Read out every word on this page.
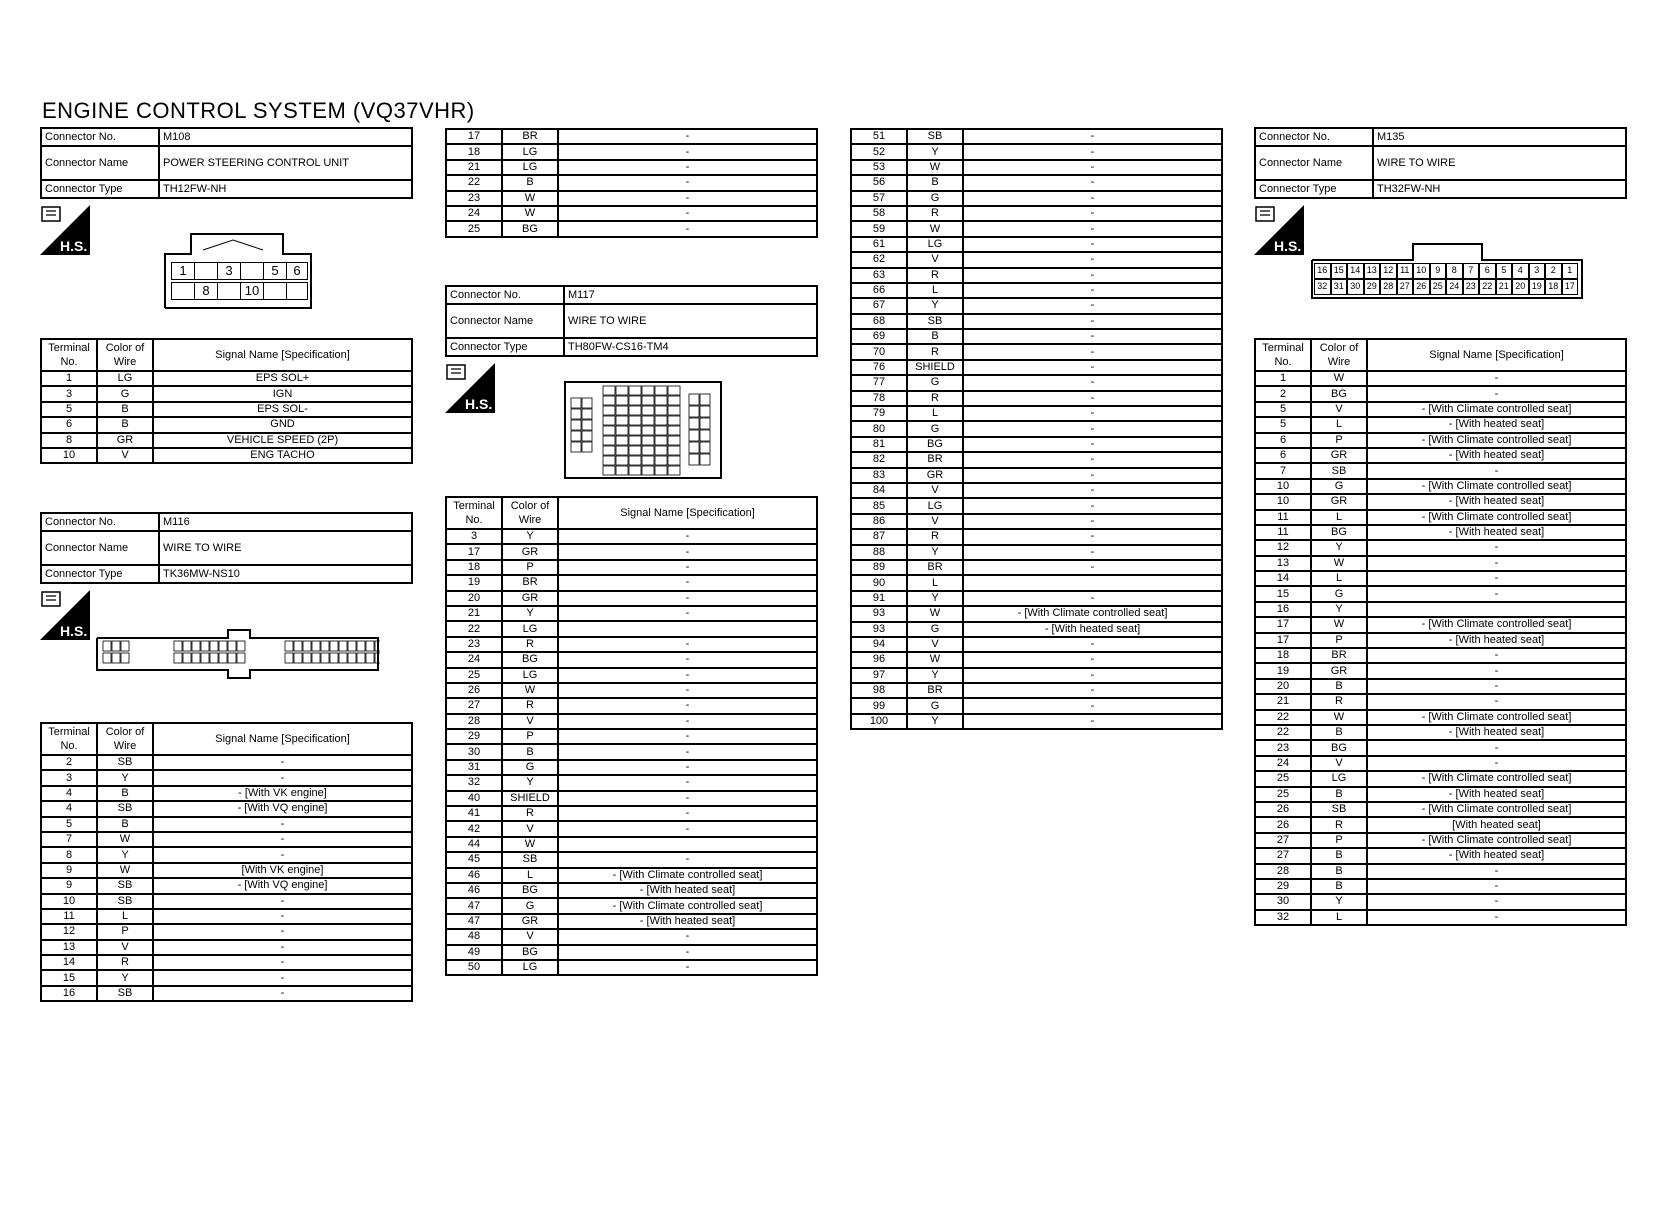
ENGINE CONTROL SYSTEM (VQ37VHR)
Connector No.	M108
Connector Name	POWER STEERING CONTROL UNIT
Connector Type	TH12FW-NH
H.S.
1	3	5	6
8	10
Terminal No.	Color of Wire	Signal Name [Specification]
1	LG	EPS SOL+
3	G	IGN
5	B	EPS SOL-
6	B	GND
8	GR	VEHICLE SPEED (2P)
10	V	ENG TACHO
Connector No.	M116
Connector Name	WIRE TO WIRE
Connector Type	TK36MW-NS10
H.S.
Terminal No.	Color of Wire	Signal Name [Specification]
2	SB	-
3	Y	-
4	B	- [With VK engine]
4	SB	- [With VQ engine]
5	B	-
7	W	-
8	Y	-
9	W	[With VK engine]
9	SB	- [With VQ engine]
10	SB	-
11	L	-
12	P	-
13	V	-
14	R	-
15	Y	-
16	SB	-
17	BR	-
18	LG	-
21	LG	-
22	B	-
23	W	-
24	W	-
25	BG	-
Connector No.	M117
Connector Name	WIRE TO WIRE
Connector Type	TH80FW-CS16-TM4
H.S.
Terminal No.	Color of Wire	Signal Name [Specification]
3	Y	-
17	GR	-
18	P	-
19	BR	-
20	GR	-
21	Y	-
22	LG	
23	R	-
24	BG	-
25	LG	-
26	W	-
27	R	-
28	V	-
29	P	-
30	B	-
31	G	-
32	Y	-
40	SHIELD	-
41	R	-
42	V	-
44	W	
45	SB	-
46	L	- [With Climate controlled seat]
46	BG	- [With heated seat]
47	G	- [With Climate controlled seat]
47	GR	- [With heated seat]
48	V	-
49	BG	-
50	LG	-
51	SB	-
52	Y	-
53	W	-
56	B	-
57	G	-
58	R	-
59	W	-
61	LG	-
62	V	-
63	R	-
66	L	-
67	Y	-
68	SB	-
69	B	-
70	R	-
76	SHIELD	-
77	G	-
78	R	-
79	L	-
80	G	-
81	BG	-
82	BR	-
83	GR	-
84	V	-
85	LG	-
86	V	-
87	R	-
88	Y	-
89	BR	-
90	L	
91	Y	-
93	W	- [With Climate controlled seat]
93	G	- [With heated seat]
94	V	-
96	W	-
97	Y	-
98	BR	-
99	G	-
100	Y	-
Connector No.	M135
Connector Name	WIRE TO WIRE
Connector Type	TH32FW-NH
H.S.
16 15 14 13 12 11 10 9	8	7	6	5	4	3	2	1
32 31 30 29 28 27 26 25 24 23 22 21 20 19 18 17
Terminal No.	Color of Wire	Signal Name [Specification]
1	W	-
2	BG	-
5	V	- [With Climate controlled seat]
5	L	- [With heated seat]
6	P	- [With Climate controlled seat]
6	GR	- [With heated seat]
7	SB	-
10	G	- [With Climate controlled seat]
10	GR	- [With heated seat]
11	L	- [With Climate controlled seat]
11	BG	- [With heated seat]
12	Y	-
13	W	-
14	L	-
15	G	-
16	Y	
17	W	- [With Climate controlled seat]
17	P	- [With heated seat]
18	BR	-
19	GR	-
20	B	-
21	R	-
22	W	- [With Climate controlled seat]
22	B	- [With heated seat]
23	BG	-
24	V	-
25	LG	- [With Climate controlled seat]
25	B	- [With heated seat]
26	SB	- [With Climate controlled seat]
26	R	[With heated seat]
27	P	- [With Climate controlled seat]
27	B	- [With heated seat]
28	B	-
29	B	-
30	Y	-
32	L	-
